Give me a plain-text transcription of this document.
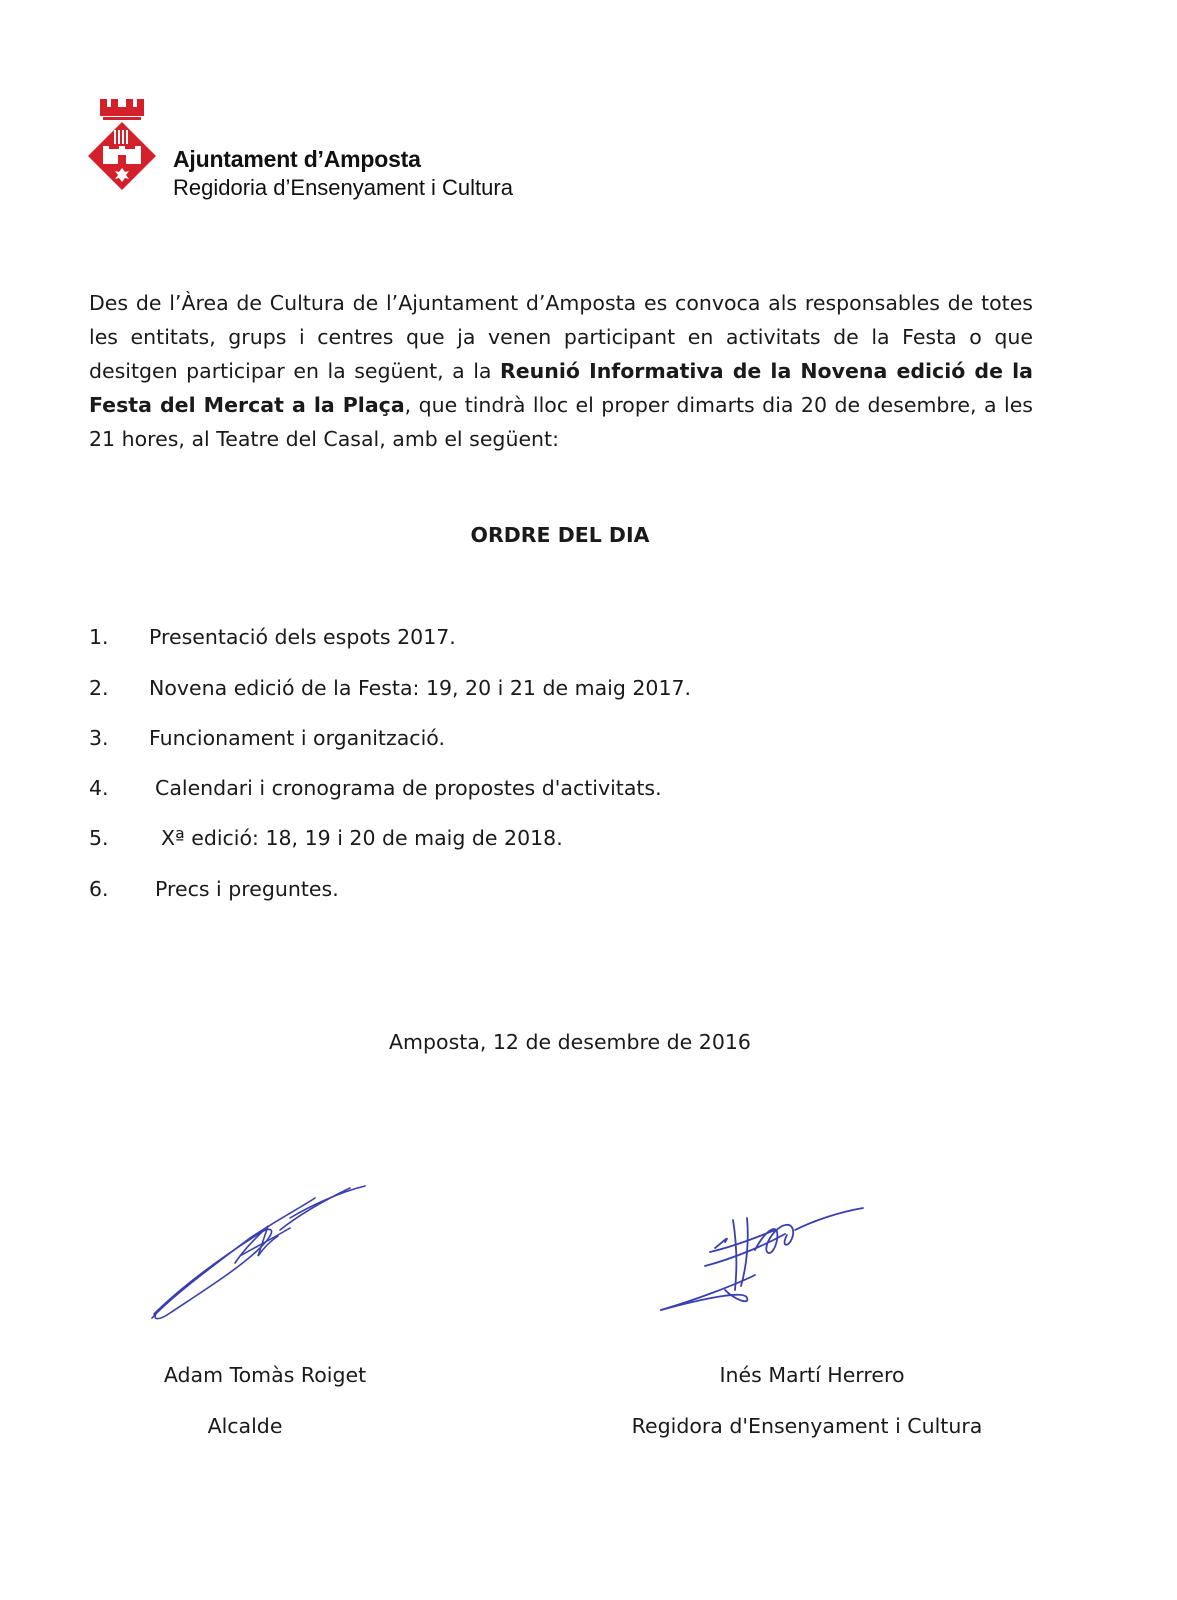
Ajuntament d’Amposta
Regidoria d’Ensenyament i Cultura
Des de l’Àrea de Cultura de l’Ajuntament d’Amposta es convoca als responsables de totes les entitats, grups i centres que ja venen participant en activitats de la Festa o que desitgen participar en la següent, a la Reunió Informativa de la Novena edició de la Festa del Mercat a la Plaça, que tindrà lloc el proper dimarts dia 20 de desembre, a les 21 hores, al Teatre del Casal, amb el següent:
ORDRE DEL DIA
1. Presentació dels espots 2017.
2. Novena edició de la Festa: 19, 20 i 21 de maig 2017.
3. Funcionament i organització.
4. Calendari i cronograma de propostes d'activitats.
5.	Xª edició: 18, 19 i 20 de maig de 2018.
6. Precs i preguntes.
Amposta, 12 de desembre de 2016
Adam Tomàs Roiget
Alcalde
Inés Martí Herrero
Regidora d'Ensenyament i Cultura
